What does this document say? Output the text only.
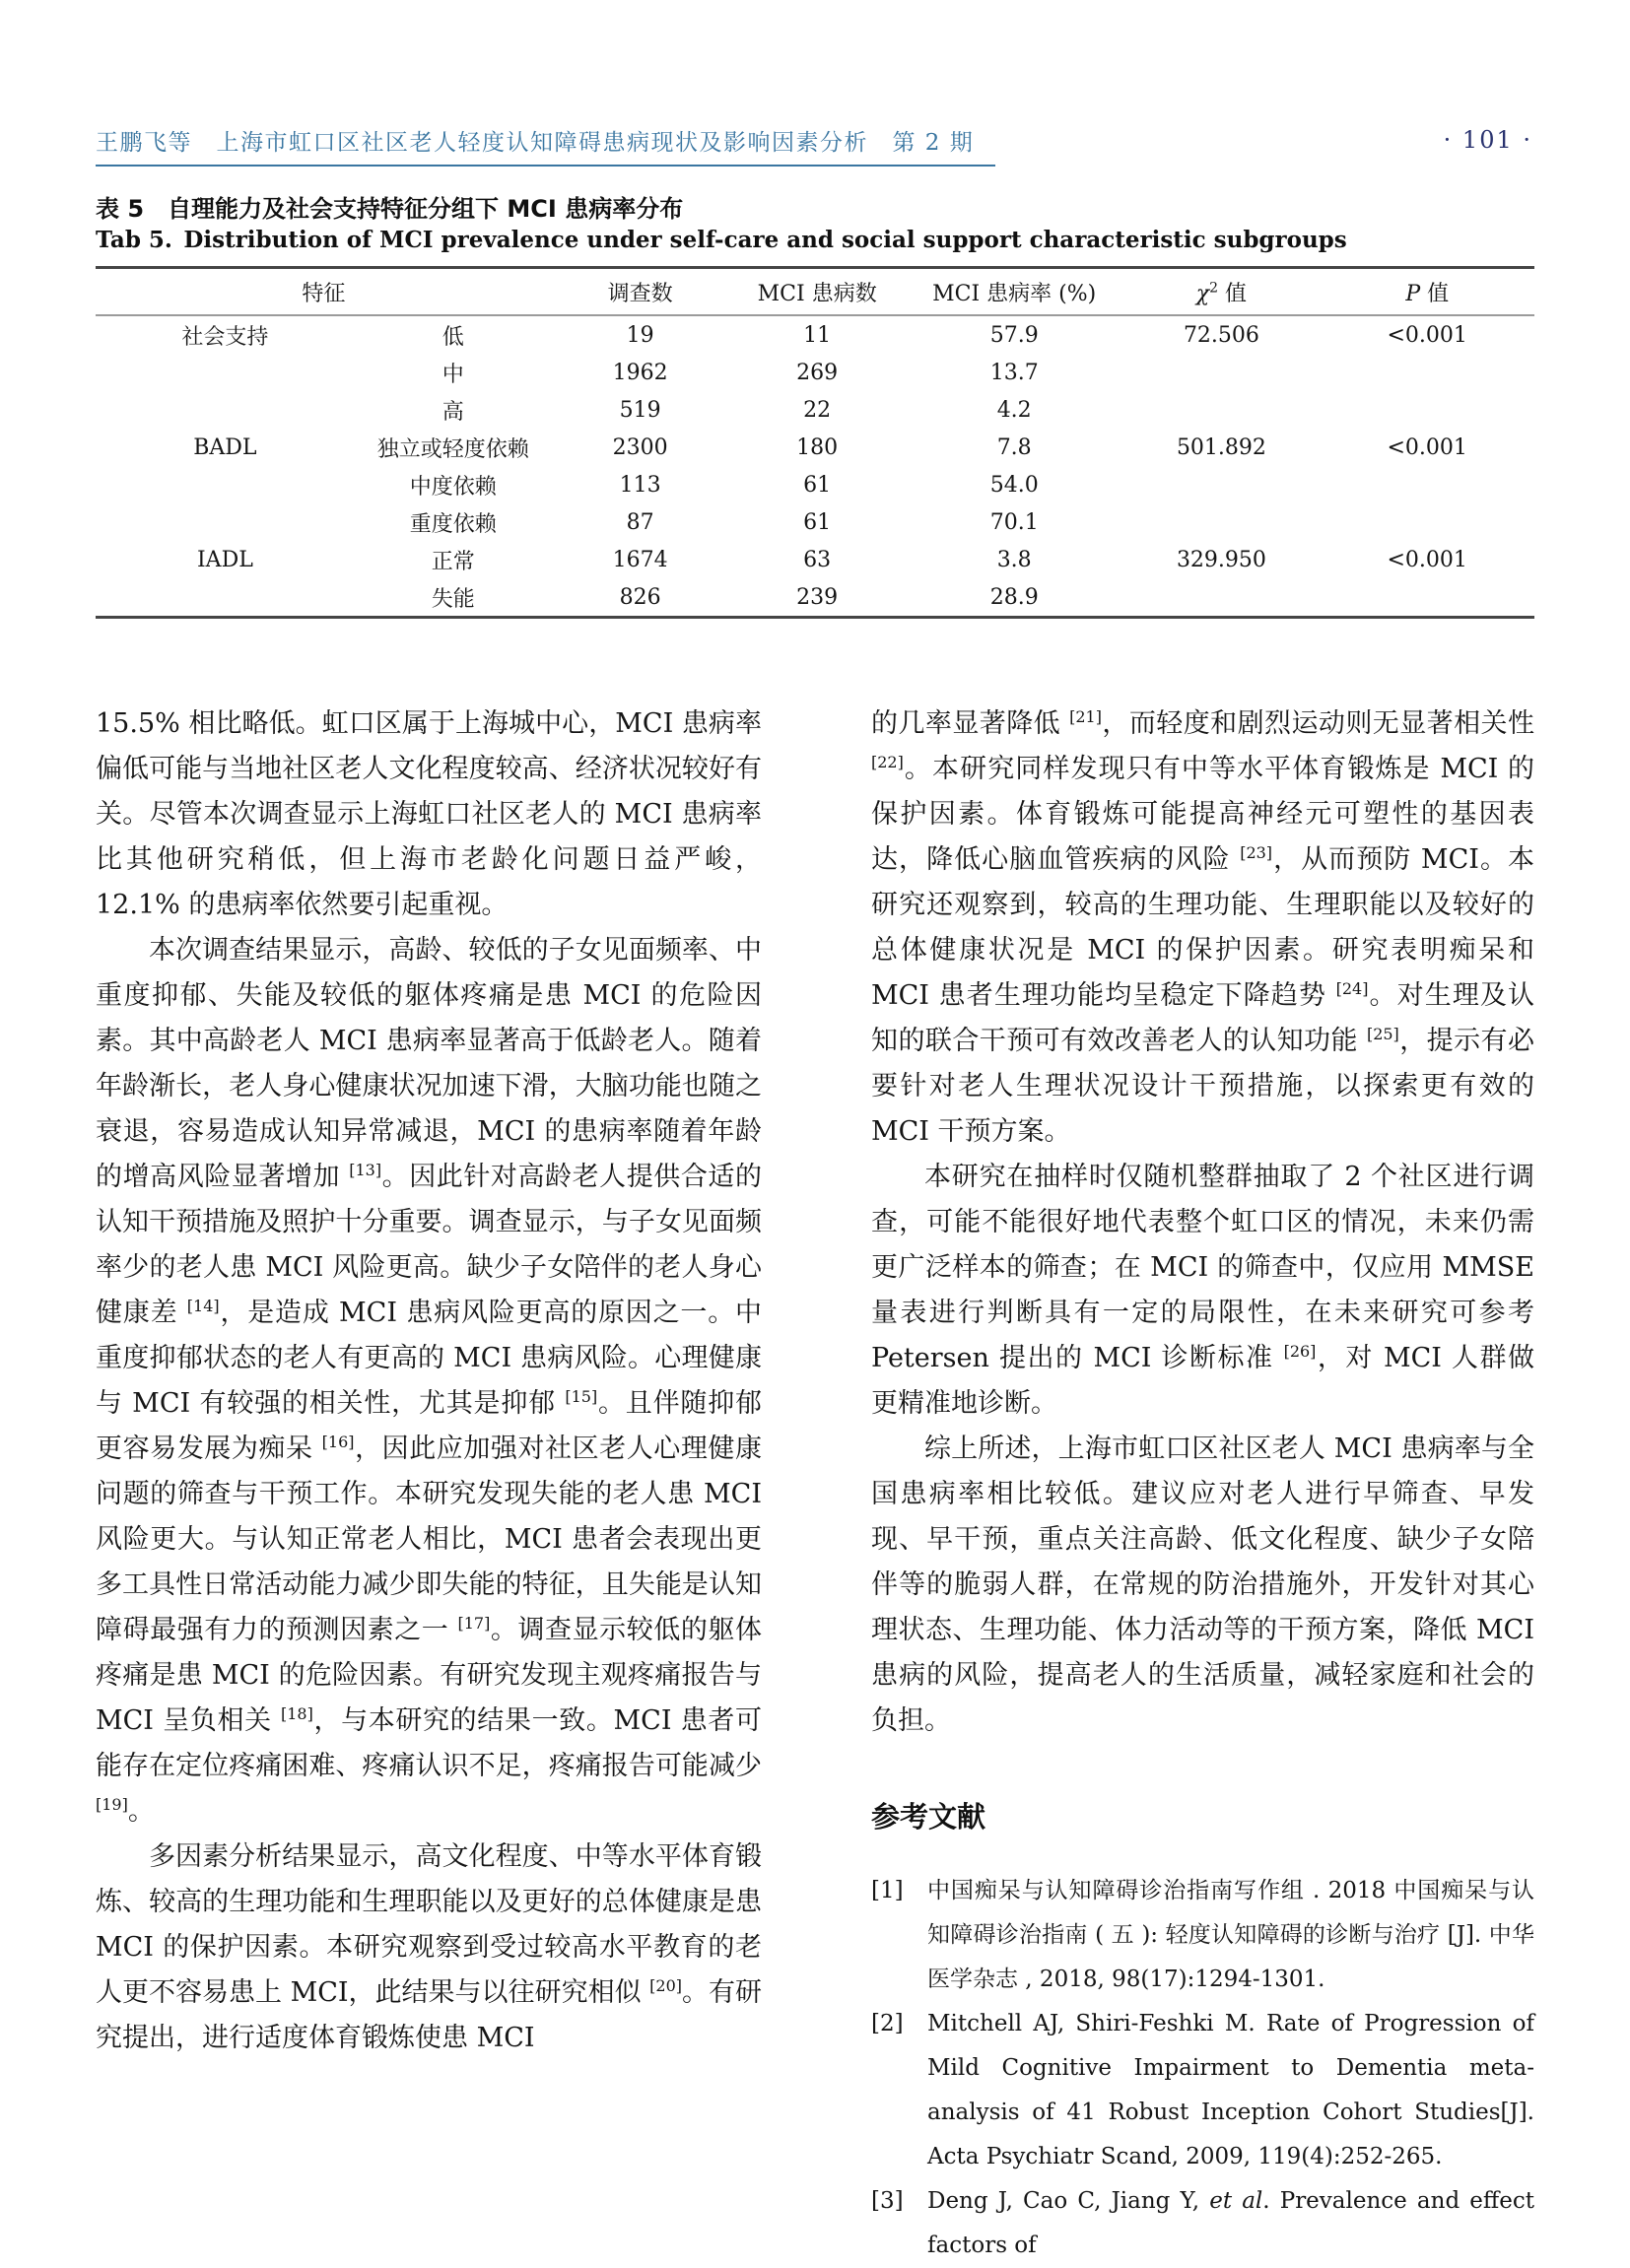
王鹏飞等 上海市虹口区社区老人轻度认知障碍患病现状及影响因素分析 第 2 期	· 101 ·
表 5 自理能力及社会支持特征分组下 MCI 患病率分布
Tab 5. Distribution of MCI prevalence under self-care and social support characteristic subgroups
特征		调查数	MCI 患病数	MCI 患病率 (%)	$\chi^2$ 值	P 值
社会支持	低	19	11	57.9	72.506	<0.001
	中	1962	269	13.7		
	高	519	22	4.2		
BADL	独立或轻度依赖	2300	180	7.8	501.892	<0.001
	中度依赖	113	61	54.0		
	重度依赖	87	61	70.1		
IADL	正常	1674	63	3.8	329.950	<0.001
	失能	826	239	28.9		

15.5% 相比略低。虹口区属于上海城中心，MCI 患病率偏低可能与当地社区老人文化程度较高、经济状况较好有关。尽管本次调查显示上海虹口社区老人的 MCI 患病率比其他研究稍低，但上海市老龄化问题日益严峻，12.1% 的患病率依然要引起重视。

本次调查结果显示，高龄、较低的子女见面频率、中重度抑郁、失能及较低的躯体疼痛是患 MCI 的危险因素。其中高龄老人 MCI 患病率显著高于低龄老人。随着年龄渐长，老人身心健康状况加速下滑，大脑功能也随之衰退，容易造成认知异常减退，MCI 的患病率随着年龄的增高风险显著增加 [13]。因此针对高龄老人提供合适的认知干预措施及照护十分重要。调查显示，与子女见面频率少的老人患 MCI 风险更高。缺少子女陪伴的老人身心健康差 [14]，是造成 MCI 患病风险更高的原因之一。中重度抑郁状态的老人有更高的 MCI 患病风险。心理健康与 MCI 有较强的相关性，尤其是抑郁 [15]。且伴随抑郁更容易发展为痴呆 [16]，因此应加强对社区老人心理健康问题的筛查与干预工作。本研究发现失能的老人患 MCI 风险更大。与认知正常老人相比，MCI 患者会表现出更多工具性日常活动能力减少即失能的特征，且失能是认知障碍最强有力的预测因素之一 [17]。调查显示较低的躯体疼痛是患 MCI 的危险因素。有研究发现主观疼痛报告与 MCI 呈负相关 [18]，与本研究的结果一致。MCI 患者可能存在定位疼痛困难、疼痛认识不足，疼痛报告可能减少 [19]。

多因素分析结果显示，高文化程度、中等水平体育锻炼、较高的生理功能和生理职能以及更好的总体健康是患 MCI 的保护因素。本研究观察到受过较高水平教育的老人更不容易患上 MCI，此结果与以往研究相似 [20]。有研究提出，进行适度体育锻炼使患 MCI

的几率显著降低 [21]，而轻度和剧烈运动则无显著相关性 [22]。本研究同样发现只有中等水平体育锻炼是 MCI 的保护因素。体育锻炼可能提高神经元可塑性的基因表达，降低心脑血管疾病的风险 [23]，从而预防 MCI。本研究还观察到，较高的生理功能、生理职能以及较好的总体健康状况是 MCI 的保护因素。研究表明痴呆和 MCI 患者生理功能均呈稳定下降趋势 [24]。对生理及认知的联合干预可有效改善老人的认知功能 [25]，提示有必要针对老人生理状况设计干预措施，以探索更有效的 MCI 干预方案。

本研究在抽样时仅随机整群抽取了 2 个社区进行调查，可能不能很好地代表整个虹口区的情况，未来仍需更广泛样本的筛查；在 MCI 的筛查中，仅应用 MMSE 量表进行判断具有一定的局限性，在未来研究可参考 Petersen 提出的 MCI 诊断标准 [26]，对 MCI 人群做更精准地诊断。

综上所述，上海市虹口区社区老人 MCI 患病率与全国患病率相比较低。建议应对老人进行早筛查、早发现、早干预，重点关注高龄、低文化程度、缺少子女陪伴等的脆弱人群，在常规的防治措施外，开发针对其心理状态、生理功能、体力活动等的干预方案，降低 MCI 患病的风险，提高老人的生活质量，减轻家庭和社会的负担。

参考文献
[1] 中国痴呆与认知障碍诊治指南写作组 . 2018 中国痴呆与认知障碍诊治指南 ( 五 ): 轻度认知障碍的诊断与治疗 [J]. 中华医学杂志 , 2018, 98(17):1294-1301.
[2] Mitchell AJ, Shiri-Feshki M. Rate of Progression of Mild Cognitive Impairment to Dementia meta-analysis of 41 Robust Inception Cohort Studies[J]. Acta Psychiatr Scand, 2009, 119(4):252-265.
[3] Deng J, Cao C, Jiang Y, et al. Prevalence and effect factors of
